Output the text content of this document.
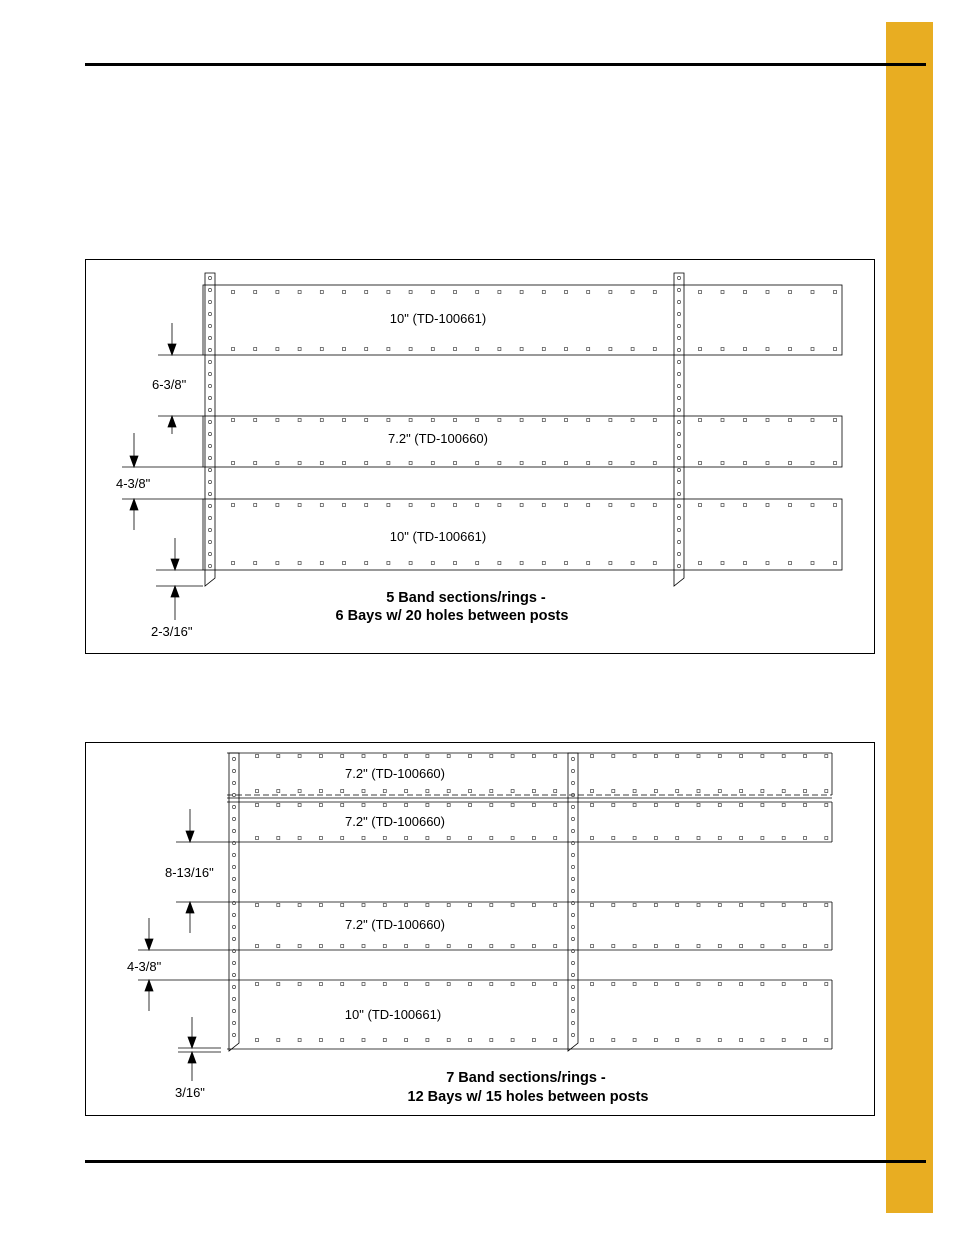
10" (TD-100661)
7.2" (TD-100660)
10" (TD-100661)
6-3/8"
4-3/8"
2-3/16"
5 Band sections/rings -
6 Bays w/ 20 holes between posts
7.2" (TD-100660)
7.2" (TD-100660)
7.2" (TD-100660)
10" (TD-100661)
8-13/16"
4-3/8"
3/16"
7 Band sections/rings -
12 Bays w/ 15 holes between posts
